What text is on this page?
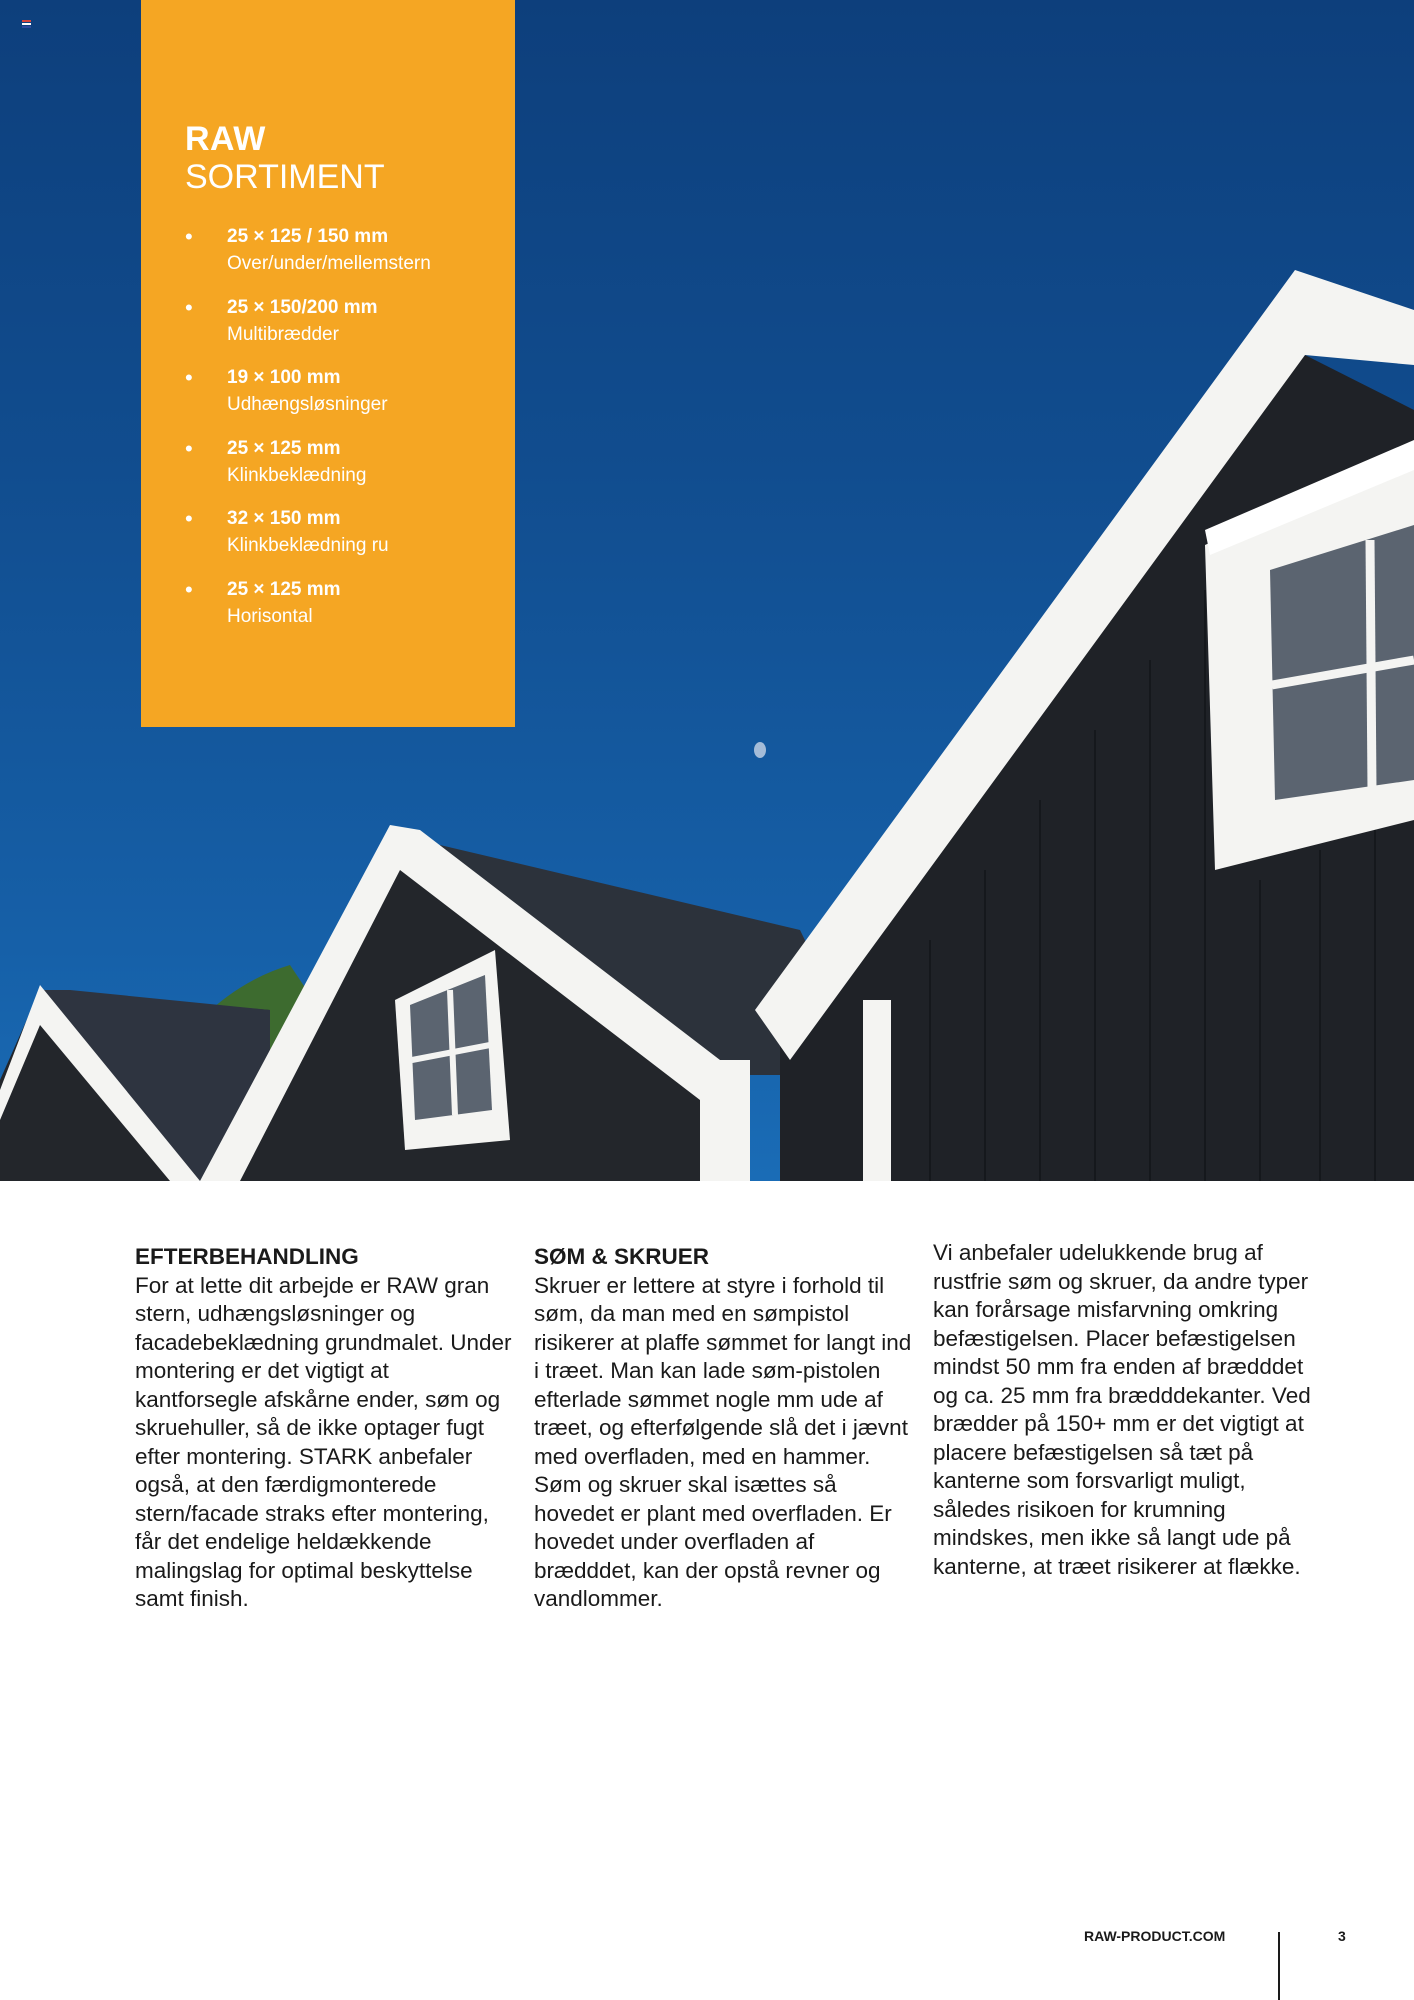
RAW
SORTIMENT
• 25 × 125 / 150 mm
Over/under/mellemstern
• 25 × 150/200 mm
Multibrædder
• 19 × 100 mm
Udhængsløsninger
• 25 × 125 mm
Klinkbeklædning
• 32 × 150 mm
Klinkbeklædning ru
• 25 × 125 mm
Horisontal
EFTERBEHANDLING

For at lette dit arbejde er RAW gran stern, udhængsløsninger og facadebeklædning grundmalet. Under montering er det vigtigt at kantforsegle afskårne ender, søm og skruehuller, så de ikke optager fugt efter montering. STARK anbefaler også, at den færdigmonterede stern/facade straks efter montering, får det endelige heldækkende malingslag for optimal beskyttelse samt finish.

SØM & SKRUER

Skruer er lettere at styre i forhold til søm, da man med en sømpistol risikerer at plaffe sømmet for langt ind i træet. Man kan lade søm-pistolen efterlade sømmet nogle mm ude af træet, og efterfølgende slå det i jævnt med overfladen, med en hammer. Søm og skruer skal isættes så hovedet er plant med overfladen. Er hovedet under overfladen af brædddet, kan der opstå revner og vandlommer.

Vi anbefaler udelukkende brug af rustfrie søm og skruer, da andre typer kan forårsage misfarvning omkring befæstigelsen. Placer befæstigelsen mindst 50 mm fra enden af brædddet og ca. 25 mm fra brædddekanter. Ved brædder på 150+ mm er det vigtigt at placere befæstigelsen så tæt på kanterne som forsvarligt muligt, således risikoen for krumning mindskes, men ikke så langt ude på kanterne, at træet risikerer at flække.

RAW-PRODUCT.COM	3
